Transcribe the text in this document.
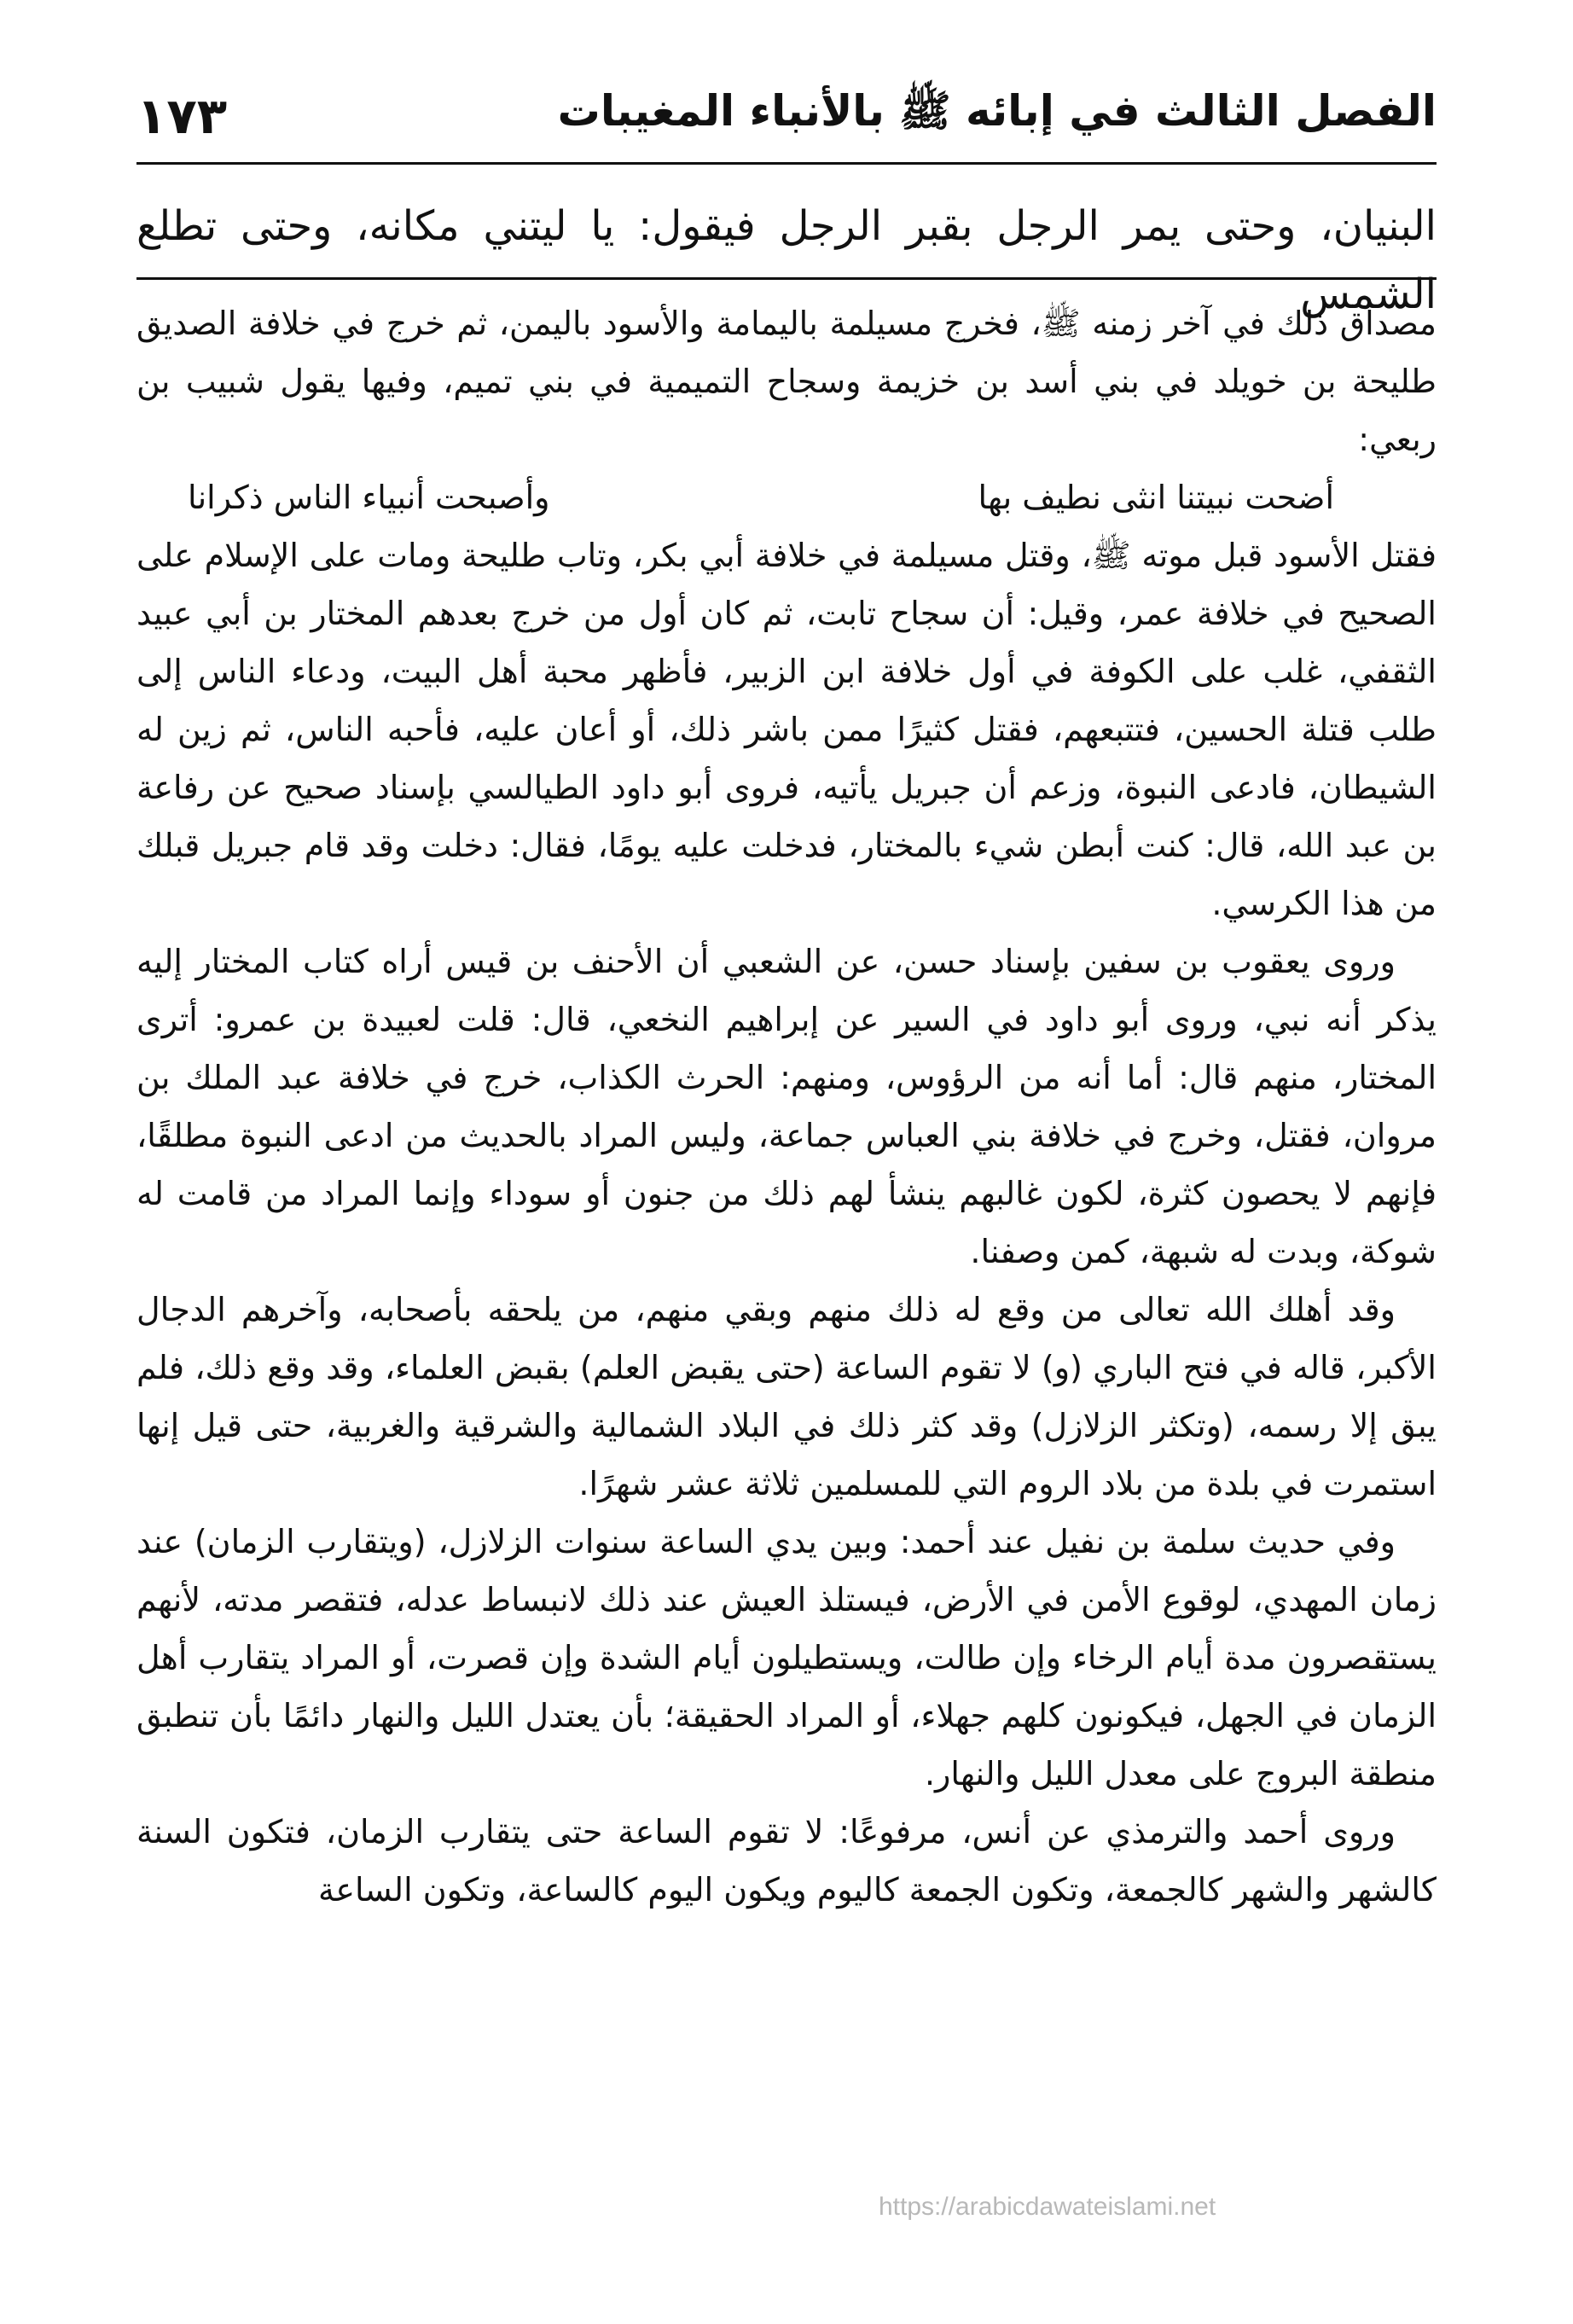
الفصل الثالث في إبائه ﷺ بالأنباء المغيبات
١٧٣
البنيان، وحتى يمر الرجل بقبر الرجل فيقول: يا ليتني مكانه، وحتى تطلع الشمس

مصداق ذلك في آخر زمنه ﷺ، فخرج مسيلمة باليمامة والأسود باليمن، ثم خرج في خلافة الصديق طليحة بن خويلد في بني أسد بن خزيمة وسجاح التميمية في بني تميم، وفيها يقول شبيب بن ربعي:

أضحت نبيتنا انثى نطيف بها
وأصبحت أنبياء الناس ذكرانا

فقتل الأسود قبل موته ﷺ، وقتل مسيلمة في خلافة أبي بكر، وتاب طليحة ومات على الإسلام على الصحيح في خلافة عمر، وقيل: أن سجاح تابت، ثم كان أول من خرج بعدهم المختار بن أبي عبيد الثقفي، غلب على الكوفة في أول خلافة ابن الزبير، فأظهر محبة أهل البيت، ودعاء الناس إلى طلب قتلة الحسين، فتتبعهم، فقتل كثيرًا ممن باشر ذلك، أو أعان عليه، فأحبه الناس، ثم زين له الشيطان، فادعى النبوة، وزعم أن جبريل يأتيه، فروى أبو داود الطيالسي بإسناد صحيح عن رفاعة بن عبد الله، قال: كنت أبطن شيء بالمختار، فدخلت عليه يومًا، فقال: دخلت وقد قام جبريل قبلك من هذا الكرسي.

وروى يعقوب بن سفين بإسناد حسن، عن الشعبي أن الأحنف بن قيس أراه كتاب المختار إليه يذكر أنه نبي، وروى أبو داود في السير عن إبراهيم النخعي، قال: قلت لعبيدة بن عمرو: أترى المختار، منهم قال: أما أنه من الرؤوس، ومنهم: الحرث الكذاب، خرج في خلافة عبد الملك بن مروان، فقتل، وخرج في خلافة بني العباس جماعة، وليس المراد بالحديث من ادعى النبوة مطلقًا، فإنهم لا يحصون كثرة، لكون غالبهم ينشأ لهم ذلك من جنون أو سوداء وإنما المراد من قامت له شوكة، وبدت له شبهة، كمن وصفنا.

وقد أهلك الله تعالى من وقع له ذلك منهم وبقي منهم، من يلحقه بأصحابه، وآخرهم الدجال الأكبر، قاله في فتح الباري (و) لا تقوم الساعة (حتى يقبض العلم) بقبض العلماء، وقد وقع ذلك، فلم يبق إلا رسمه، (وتكثر الزلازل) وقد كثر ذلك في البلاد الشمالية والشرقية والغربية، حتى قيل إنها استمرت في بلدة من بلاد الروم التي للمسلمين ثلاثة عشر شهرًا.

وفي حديث سلمة بن نفيل عند أحمد: وبين يدي الساعة سنوات الزلازل، (ويتقارب الزمان) عند زمان المهدي، لوقوع الأمن في الأرض، فيستلذ العيش عند ذلك لانبساط عدله، فتقصر مدته، لأنهم يستقصرون مدة أيام الرخاء وإن طالت، ويستطيلون أيام الشدة وإن قصرت، أو المراد يتقارب أهل الزمان في الجهل، فيكونون كلهم جهلاء، أو المراد الحقيقة؛ بأن يعتدل الليل والنهار دائمًا بأن تنطبق منطقة البروج على معدل الليل والنهار.

وروى أحمد والترمذي عن أنس، مرفوعًا: لا تقوم الساعة حتى يتقارب الزمان، فتكون السنة كالشهر والشهر كالجمعة، وتكون الجمعة كاليوم ويكون اليوم كالساعة، وتكون الساعة

https://arabicdawateislami.net
